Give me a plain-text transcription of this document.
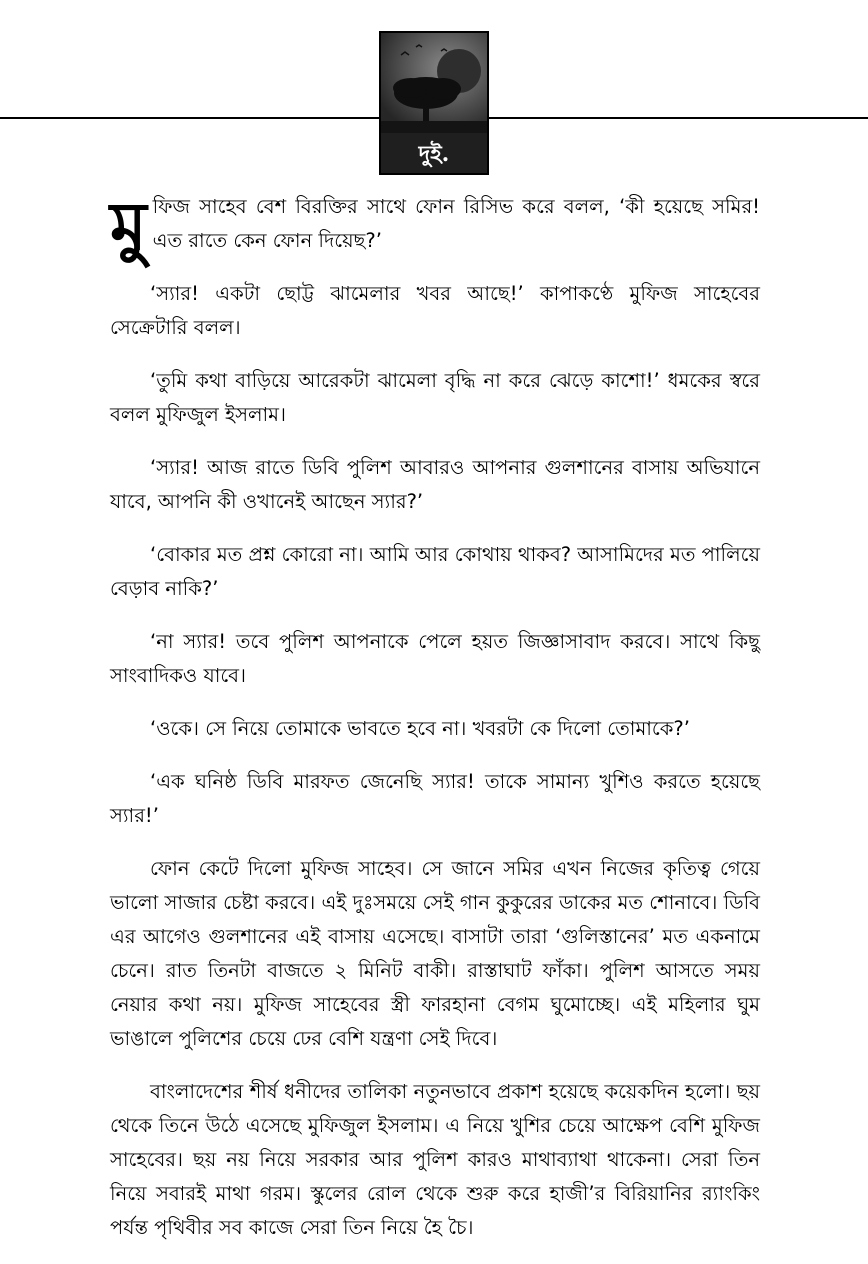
দুই.

মুফিজ সাহেব বেশ বিরক্তির সাথে ফোন রিসিভ করে বলল, ‘কী হয়েছে সমির! এত রাতে কেন ফোন দিয়েছ?’

‘স্যার! একটা ছোট্ট ঝামেলার খবর আছে!’ কাপাকণ্ঠে মুফিজ সাহেবের সেক্রেটারি বলল।

‘তুমি কথা বাড়িয়ে আরেকটা ঝামেলা বৃদ্ধি না করে ঝেড়ে কাশো!’ ধমকের স্বরে বলল মুফিজুল ইসলাম।

‘স্যার! আজ রাতে ডিবি পুলিশ আবারও আপনার গুলশানের বাসায় অভিযানে যাবে, আপনি কী ওখানেই আছেন স্যার?’

‘বোকার মত প্রশ্ন কোরো না। আমি আর কোথায় থাকব? আসামিদের মত পালিয়ে বেড়াব নাকি?’

‘না স্যার! তবে পুলিশ আপনাকে পেলে হয়ত জিজ্ঞাসাবাদ করবে। সাথে কিছু সাংবাদিকও যাবে।

‘ওকে। সে নিয়ে তোমাকে ভাবতে হবে না। খবরটা কে দিলো তোমাকে?’

‘এক ঘনিষ্ঠ ডিবি মারফত জেনেছি স্যার! তাকে সামান্য খুশিও করতে হয়েছে স্যার!’

ফোন কেটে দিলো মুফিজ সাহেব। সে জানে সমির এখন নিজের কৃতিত্ব গেয়ে ভালো সাজার চেষ্টা করবে। এই দুঃসময়ে সেই গান কুকুরের ডাকের মত শোনাবে। ডিবি এর আগেও গুলশানের এই বাসায় এসেছে। বাসাটা তারা ‘গুলিস্তানের’ মত একনামে চেনে। রাত তিনটা বাজতে ২ মিনিট বাকী। রাস্তাঘাট ফাঁকা। পুলিশ আসতে সময় নেয়ার কথা নয়। মুফিজ সাহেবের স্ত্রী ফারহানা বেগম ঘুমোচ্ছে। এই মহিলার ঘুম ভাঙালে পুলিশের চেয়ে ঢের বেশি যন্ত্রণা সেই দিবে।

বাংলাদেশের শীর্ষ ধনীদের তালিকা নতুনভাবে প্রকাশ হয়েছে কয়েকদিন হলো। ছয় থেকে তিনে উঠে এসেছে মুফিজুল ইসলাম। এ নিয়ে খুশির চেয়ে আক্ষেপ বেশি মুফিজ সাহেবের। ছয় নয় নিয়ে সরকার আর পুলিশ কারও মাথাব্যাথা থাকেনা। সেরা তিন নিয়ে সবারই মাথা গরম। স্কুলের রোল থেকে শুরু করে হাজী’র বিরিয়ানির র‍্যাংকিং পর্যন্ত পৃথিবীর সব কাজে সেরা তিন নিয়ে হৈ চৈ।
